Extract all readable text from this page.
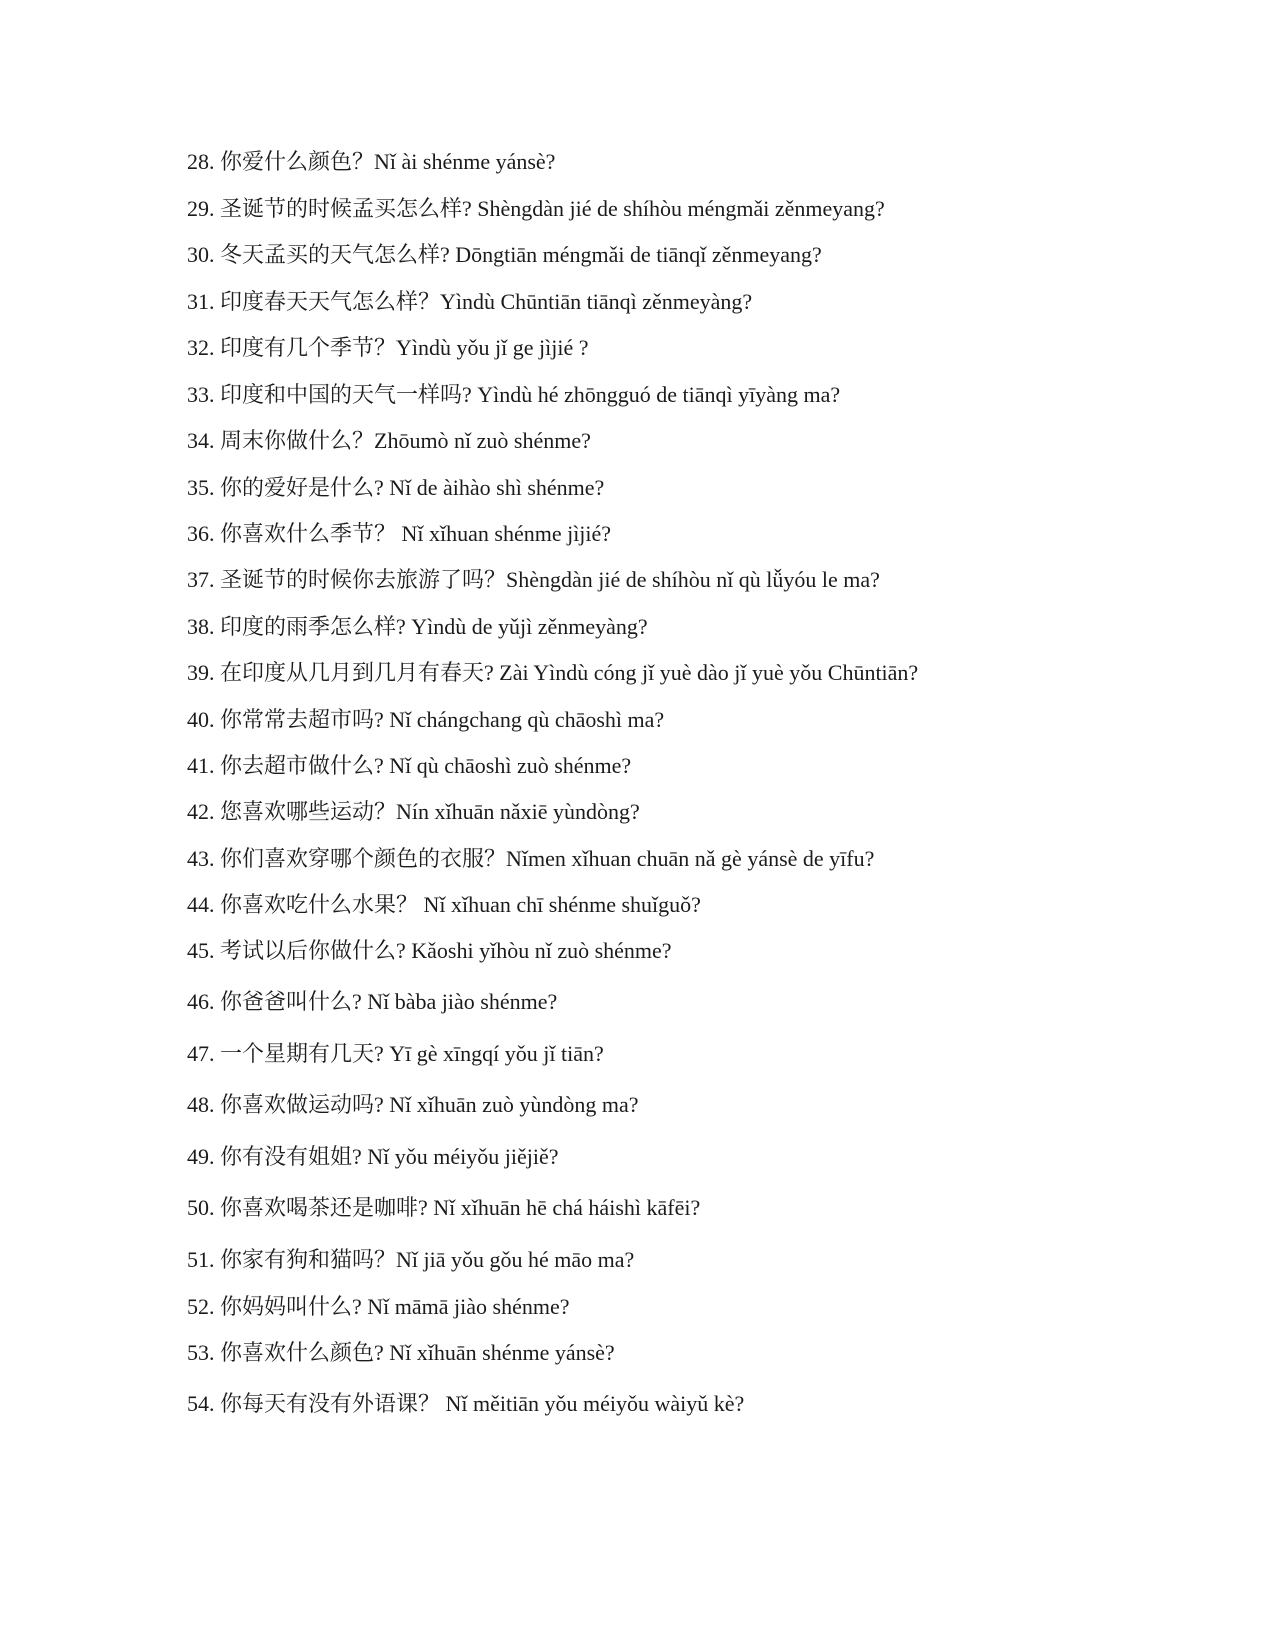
28. 你爱什么颜色？Nǐ ài shénme yánsè?
29. 圣诞节的时候孟买怎么样? Shèngdàn jié de shíhòu méngmǎi zěnmeyang?
30. 冬天孟买的天气怎么样? Dōngtiān méngmǎi de tiānqǐ zěnmeyang?
31. 印度春天天气怎么样？Yìndù Chūntiān tiānqì zěnmeyàng?
32. 印度有几个季节？Yìndù yǒu jǐ ge jìjié ?
33. 印度和中国的天气一样吗? Yìndù hé zhōngguó de tiānqì yīyàng ma?
34. 周末你做什么？Zhōumò nǐ zuò shénme?
35. 你的爱好是什么? Nǐ de àihào shì shénme?
36. 你喜欢什么季节？ Nǐ xǐhuan shénme jìjié?
37. 圣诞节的时候你去旅游了吗？Shèngdàn jié de shíhòu nǐ qù lǚyóu le ma?
38. 印度的雨季怎么样? Yìndù de yǔjì zěnmeyàng?
39. 在印度从几月到几月有春天? Zài Yìndù cóng jǐ yuè dào jǐ yuè yǒu Chūntiān?
40. 你常常去超市吗? Nǐ chángchang qù chāoshì ma?
41. 你去超市做什么? Nǐ qù chāoshì zuò shénme?
42. 您喜欢哪些运动？Nín xǐhuān nǎxiē yùndòng?
43. 你们喜欢穿哪个颜色的衣服？Nǐmen xǐhuan chuān nǎ gè yánsè de yīfu?
44. 你喜欢吃什么水果？ Nǐ xǐhuan chī shénme shuǐguǒ?
45. 考试以后你做什么? Kǎoshi yǐhòu nǐ zuò shénme?
46. 你爸爸叫什么? Nǐ bàba jiào shénme?
47. 一个星期有几天? Yī gè xīngqí yǒu jǐ tiān?
48. 你喜欢做运动吗? Nǐ xǐhuān zuò yùndòng ma?
49. 你有没有姐姐? Nǐ yǒu méiyǒu jiějiě?
50. 你喜欢喝茶还是咖啡? Nǐ xǐhuān hē chá háishì kāfēi?
51. 你家有狗和猫吗？Nǐ jiā yǒu gǒu hé māo ma?
52. 你妈妈叫什么? Nǐ māmā jiào shénme?
53. 你喜欢什么颜色? Nǐ xǐhuān shénme yánsè?
54. 你每天有没有外语课？ Nǐ měitiān yǒu méiyǒu wàiyǔ kè?
